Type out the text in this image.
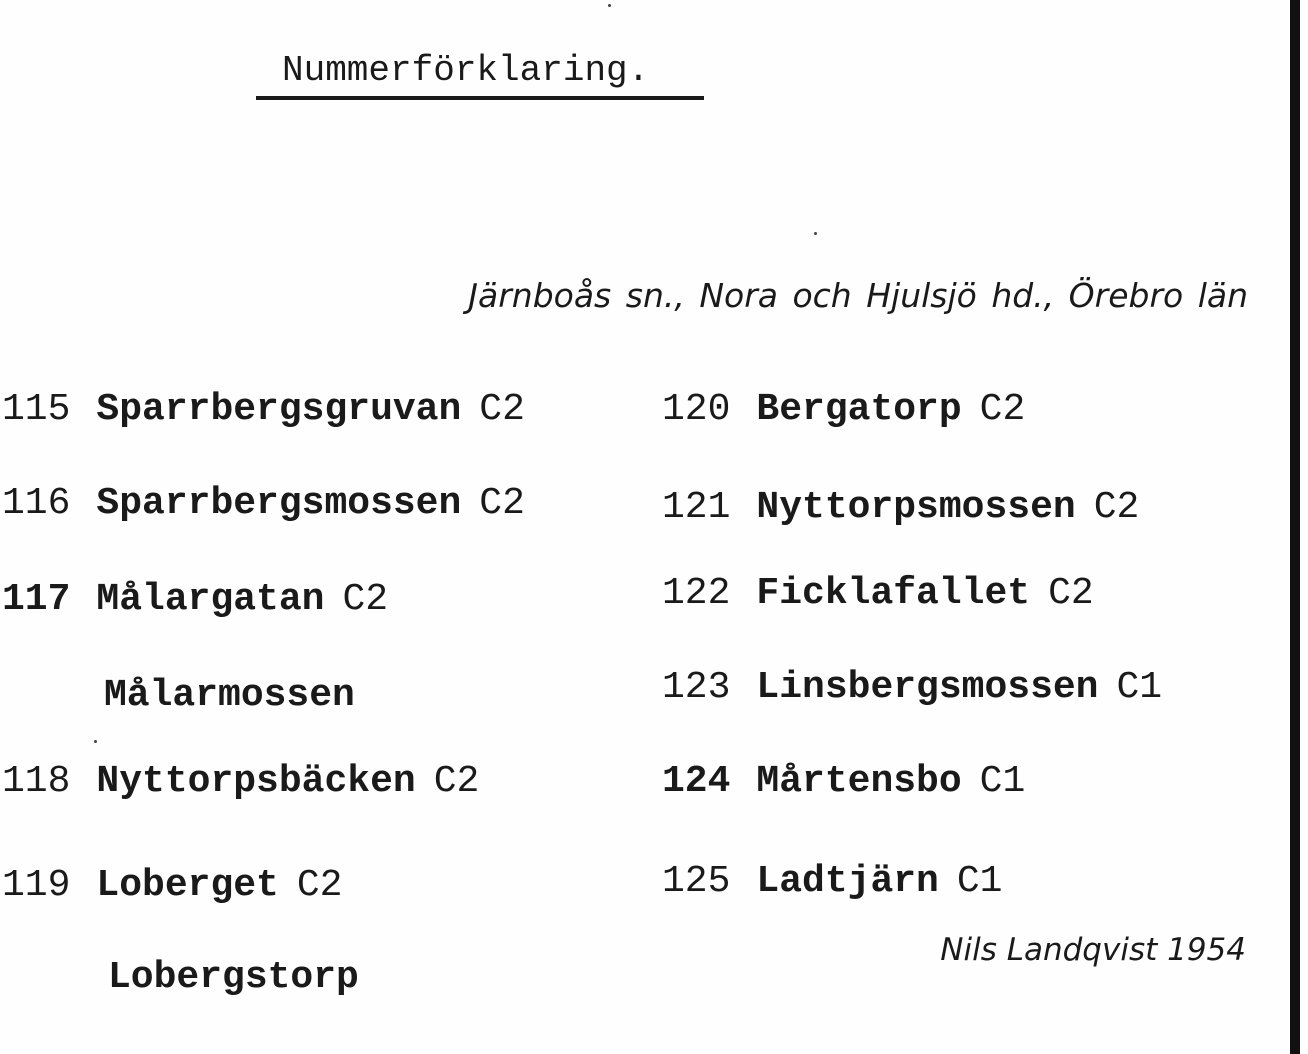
Nummerförklaring.
Järnboås sn., Nora och Hjulsjö hd., Örebro län
115 Sparrbergsgruvan C2
116 Sparrbergsmossen C2
117 Målargatan C2
Målarmossen
118 Nyttorpsbäcken C2
119 Loberget C2
Lobergstorp
120 Bergatorp C2
121 Nyttorpsmossen C2
122 Ficklafallet C2
123 Linsbergsmossen C1
124 Mårtensbo C1
125 Ladtjärn C1
Nils Landqvist 1954
